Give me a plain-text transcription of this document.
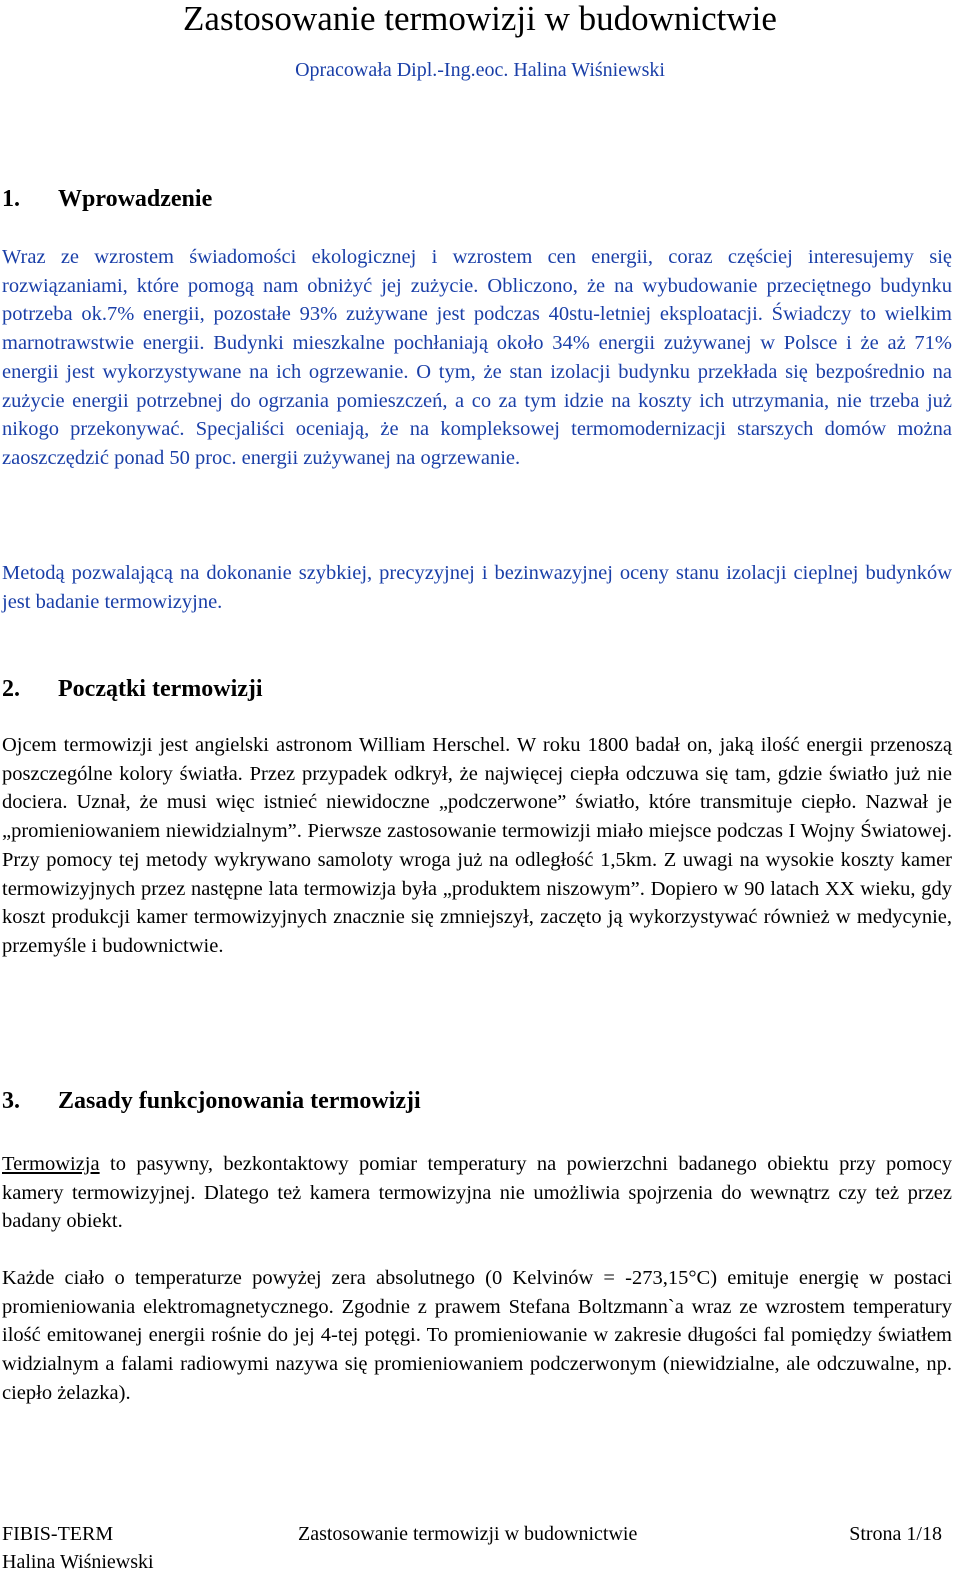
Zastosowanie termowizji w budownictwie
Opracowała Dipl.-Ing.eoc. Halina Wiśniewski
1. Wprowadzenie
Wraz ze wzrostem świadomości ekologicznej i wzrostem cen energii, coraz częściej interesujemy się rozwiązaniami, które pomogą nam obniżyć jej zużycie. Obliczono, że na wybudowanie przeciętnego budynku potrzeba ok.7% energii, pozostałe 93% zużywane jest podczas 40stu-letniej eksploatacji. Świadczy to wielkim marnotrawstwie energii. Budynki mieszkalne pochłaniają około 34% energii zużywanej w Polsce i że aż 71% energii jest wykorzystywane na ich ogrzewanie. O tym, że stan izolacji budynku przekłada się bezpośrednio na zużycie energii potrzebnej do ogrzania pomieszczeń, a co za tym idzie na koszty ich utrzymania, nie trzeba już nikogo przekonywać. Specjaliści oceniają, że na kompleksowej termomodernizacji starszych domów można zaoszczędzić ponad 50 proc. energii zużywanej na ogrzewanie.
Metodą pozwalającą na dokonanie szybkiej, precyzyjnej i bezinwazyjnej oceny stanu izolacji cieplnej budynków jest badanie termowizyjne.
2. Początki termowizji
Ojcem termowizji jest angielski astronom William Herschel. W roku 1800 badał on, jaką ilość energii przenoszą poszczególne kolory światła. Przez przypadek odkrył, że najwięcej ciepła odczuwa się tam, gdzie światło już nie dociera. Uznał, że musi więc istnieć niewidoczne „podczerwone” światło, które transmituje ciepło. Nazwał je „promieniowaniem niewidzialnym”. Pierwsze zastosowanie termowizji miało miejsce podczas I Wojny Światowej. Przy pomocy tej metody wykrywano samoloty wroga już na odległość 1,5km. Z uwagi na wysokie koszty kamer termowizyjnych przez następne lata termowizja była „produktem niszowym”. Dopiero w 90 latach XX wieku, gdy koszt produkcji kamer termowizyjnych znacznie się zmniejszył, zaczęto ją wykorzystywać również w medycynie, przemyśle i budownictwie.
3. Zasady funkcjonowania termowizji
Termowizja to pasywny, bezkontaktowy pomiar temperatury na powierzchni badanego obiektu przy pomocy kamery termowizyjnej. Dlatego też kamera termowizyjna nie umożliwia spojrzenia do wewnątrz czy też przez badany obiekt.
Każde ciało o temperaturze powyżej zera absolutnego (0 Kelvinów = -273,15°C) emituje energię w postaci promieniowania elektromagnetycznego. Zgodnie z prawem Stefana Boltzmann`a wraz ze wzrostem temperatury ilość emitowanej energii rośnie do jej 4-tej potęgi. To promieniowanie w zakresie długości fal pomiędzy światłem widzialnym a falami radiowymi nazywa się promieniowaniem podczerwonym (niewidzialne, ale odczuwalne, np. ciepło żelazka).
FIBIS-TERM	Zastosowanie termowizji w budownictwie	Strona 1/18
Halina Wiśniewski
